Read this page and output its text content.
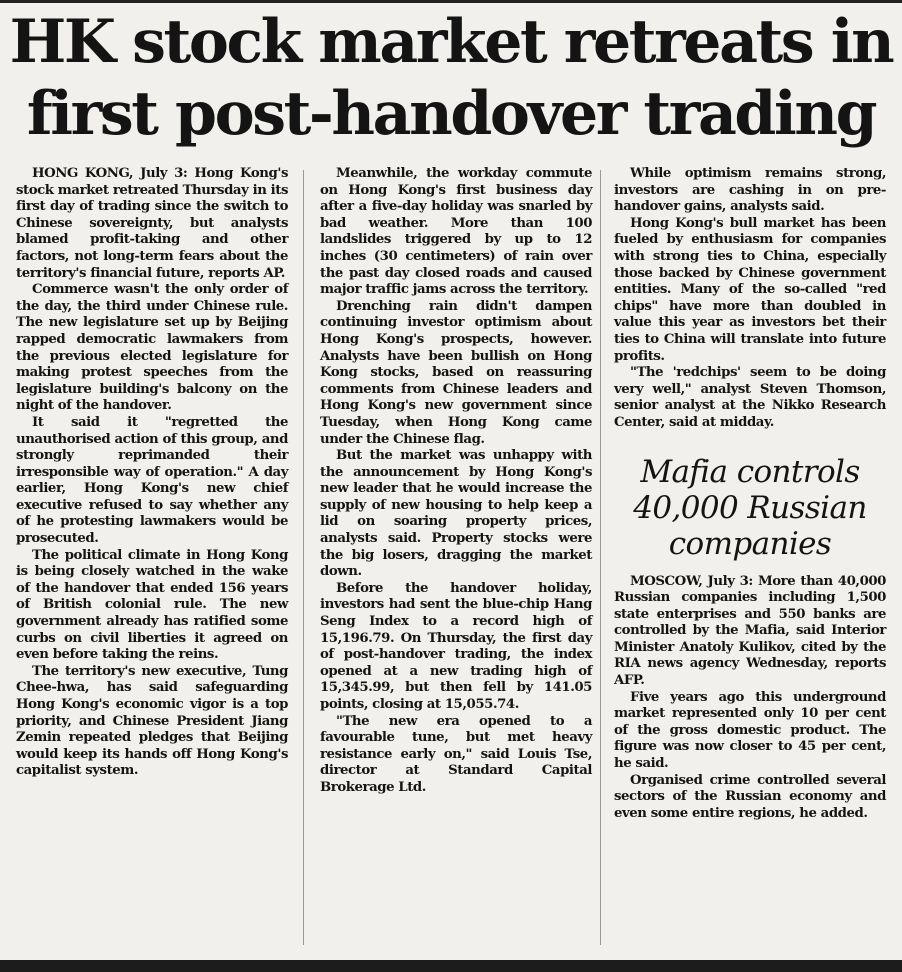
HK stock market retreats in first post-handover trading

HONG KONG, July 3: Hong Kong's stock market retreated Thursday in its first day of trading since the switch to Chinese sovereignty, but analysts blamed profit-taking and other factors, not long-term fears about the territory's financial future, reports AP.

Commerce wasn't the only order of the day, the third under Chinese rule. The new legislature set up by Beijing rapped democratic lawmakers from the previous elected legislature for making protest speeches from the legislature building's balcony on the night of the handover.

It said it "regretted the unauthorised action of this group, and strongly reprimanded their irresponsible way of operation." A day earlier, Hong Kong's new chief executive refused to say whether any of he protesting lawmakers would be prosecuted.

The political climate in Hong Kong is being closely watched in the wake of the handover that ended 156 years of British colonial rule. The new government already has ratified some curbs on civil liberties it agreed on even before taking the reins.

The territory's new executive, Tung Chee-hwa, has said safeguarding Hong Kong's economic vigor is a top priority, and Chinese President Jiang Zemin repeated pledges that Beijing would keep its hands off Hong Kong's capitalist system.

Meanwhile, the workday commute on Hong Kong's first business day after a five-day holiday was snarled by bad weather. More than 100 landslides triggered by up to 12 inches (30 centimeters) of rain over the past day closed roads and caused major traffic jams across the territory.

Drenching rain didn't dampen continuing investor optimism about Hong Kong's prospects, however. Analysts have been bullish on Hong Kong stocks, based on reassuring comments from Chinese leaders and Hong Kong's new government since Tuesday, when Hong Kong came under the Chinese flag.

But the market was unhappy with the announcement by Hong Kong's new leader that he would increase the supply of new housing to help keep a lid on soaring property prices, analysts said. Property stocks were the big losers, dragging the market down.

Before the handover holiday, investors had sent the blue-chip Hang Seng Index to a record high of 15,196.79. On Thursday, the first day of post-handover trading, the index opened at a new trading high of 15,345.99, but then fell by 141.05 points, closing at 15,055.74.

"The new era opened to a favourable tune, but met heavy resistance early on," said Louis Tse, director at Standard Capital Brokerage Ltd.

While optimism remains strong, investors are cashing in on pre-handover gains, analysts said.

Hong Kong's bull market has been fueled by enthusiasm for companies with strong ties to China, especially those backed by Chinese government entities. Many of the so-called "red chips" have more than doubled in value this year as investors bet their ties to China will translate into future profits.

"The 'redchips' seem to be doing very well," analyst Steven Thomson, senior analyst at the Nikko Research Center, said at midday.

Mafia controls
40,000 Russian
companies

MOSCOW, July 3: More than 40,000 Russian companies including 1,500 state enterprises and 550 banks are controlled by the Mafia, said Interior Minister Anatoly Kulikov, cited by the RIA news agency Wednesday, reports AFP.

Five years ago this underground market represented only 10 per cent of the gross domestic product. The figure was now closer to 45 per cent, he said.

Organised crime controlled several sectors of the Russian economy and even some entire regions, he added.
